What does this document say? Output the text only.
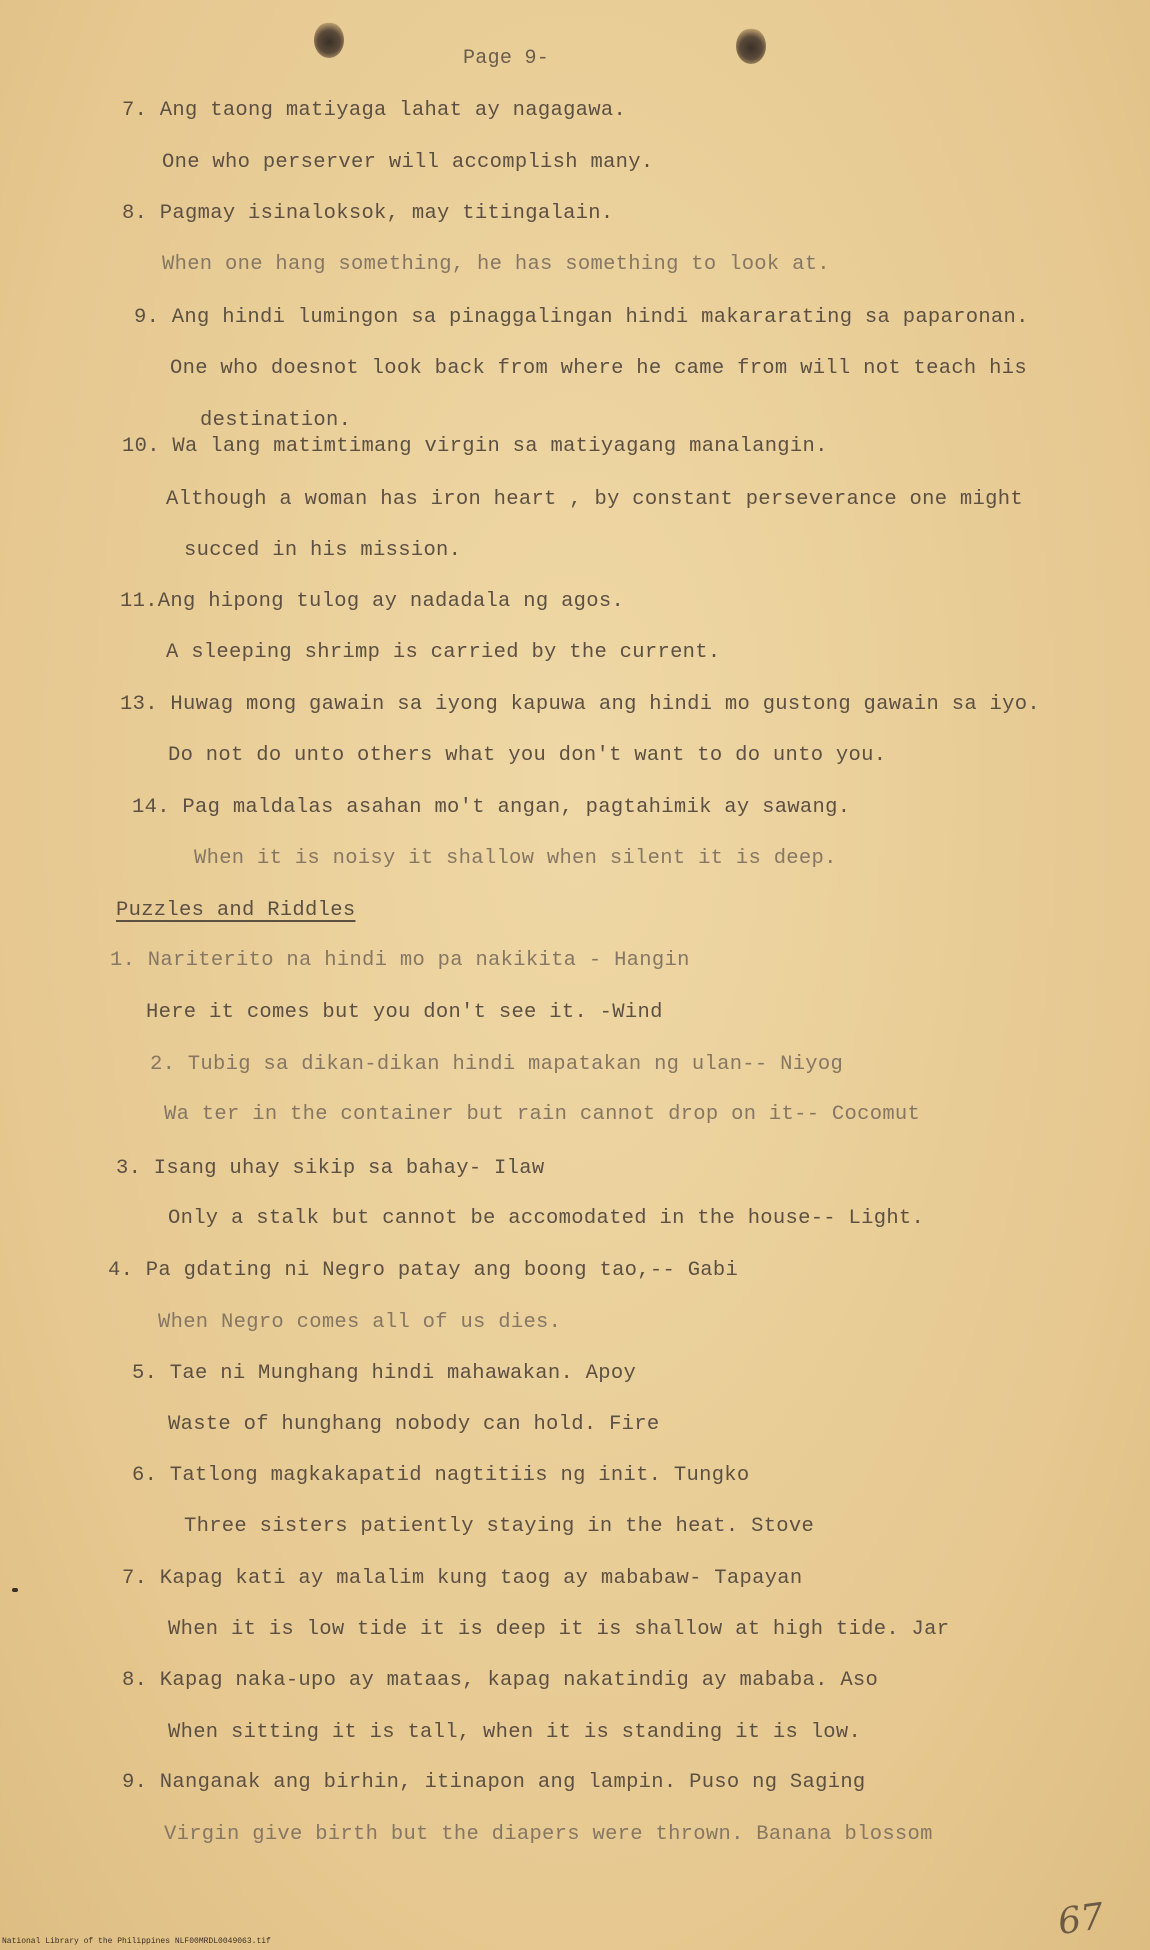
Page 9-
7. Ang taong matiyaga lahat ay nagagawa.
One who perserver will accomplish many.
8. Pagmay isinaloksok, may titingalain.
When one hang something, he has something to look at.
9. Ang hindi lumingon sa pinaggalingan hindi makararating sa paparonan.
One who doesnot look back from where he came from will not teach his
destination.
10. Wa lang matimtimang virgin sa matiyagang manalangin.
Although a woman has iron heart , by constant perseverance one might
succed in his mission.
11.Ang hipong tulog ay nadadala ng agos.
A sleeping shrimp is carried by the current.
13. Huwag mong gawain sa iyong kapuwa ang hindi mo gustong gawain sa iyo.
Do not do unto others what you don't want to do unto you.
14. Pag maldalas asahan mo't angan, pagtahimik ay sawang.
When it is noisy it shallow when silent it is deep.
Puzzles and Riddles
1. Nariterito na hindi mo pa nakikita - Hangin
Here it comes but you don't see it. -Wind
2. Tubig sa dikan-dikan hindi mapatakan ng ulan-- Niyog
Wa ter in the container but rain cannot drop on it-- Cocomut
3. Isang uhay sikip sa bahay- Ilaw
Only a stalk but cannot be accomodated in the house-- Light.
4. Pa gdating ni Negro patay ang boong tao,-- Gabi
When Negro comes all of us dies.
5. Tae ni Munghang hindi mahawakan. Apoy
Waste of hunghang nobody can hold. Fire
6. Tatlong magkakapatid nagtitiis ng init. Tungko
Three sisters patiently staying in the heat. Stove
7. Kapag kati ay malalim kung taog ay mababaw- Tapayan
When it is low tide it is deep it is shallow at high tide. Jar
8. Kapag naka-upo ay mataas, kapag nakatindig ay mababa. Aso
When sitting it is tall, when it is standing it is low.
9. Nanganak ang birhin, itinapon ang lampin. Puso ng Saging
Virgin give birth but the diapers were thrown. Banana blossom
67
National Library of the Philippines NLF00MRDL0049063.tif
